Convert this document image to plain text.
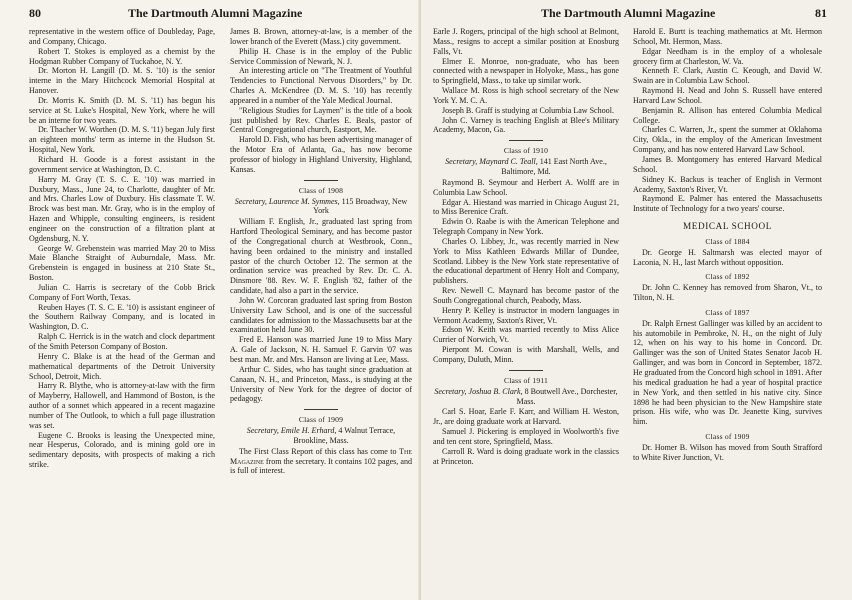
80	The Dartmouth Alumni Magazine

representative in the western office of Doubleday, Page, and Company, Chicago.

Robert T. Stokes is employed as a chemist by the Hodgman Rubber Company of Tuckahoe, N. Y.

Dr. Morton H. Langill (D. M. S. '10) is the senior interne in the Mary Hitchcock Memorial Hospital at Hanover.

Dr. Morris K. Smith (D. M. S. '11) has begun his service at St. Luke's Hospital, New York, where he will be an interne for two years.

Dr. Thacher W. Worthen (D. M. S. '11) began July first an eighteen months' term as interne in the Hudson St. Hospital, New York.

Richard H. Goode is a forest assistant in the government service at Washington, D. C.

Harry M. Gray (T. S. C. E. '10) was married in Duxbury, Mass., June 24, to Charlotte, daughter of Mr. and Mrs. Charles Low of Duxbury. His classmate T. W. Brock was best man. Mr. Gray, who is in the employ of Hazen and Whipple, consulting engineers, is resident engineer on the construction of a filtration plant at Ogdensburg, N. Y.

George W. Grebenstein was married May 20 to Miss Maie Blanche Straight of Auburndale, Mass. Mr. Grebenstein is engaged in business at 210 State St., Boston.

Julian C. Harris is secretary of the Cobb Brick Company of Fort Worth, Texas.

Reuben Hayes (T. S. C. E. '10) is assistant engineer of the Southern Railway Company, and is located in Washington, D. C.

Ralph C. Herrick is in the watch and clock department of the Smith Peterson Company of Boston.

Henry C. Blake is at the head of the German and mathematical departments of the Detroit University School, Detroit, Mich.

Harry R. Blythe, who is attorney-at-law with the firm of Mayberry, Hallowell, and Hammond of Boston, is the author of a sonnet which appeared in a recent magazine number of The Outlook, to which a full page illustration was set.

Eugene C. Brooks is leasing the Unexpected mine, near Hesperus, Colorado, and is mining gold ore in sedimentary deposits, with prospects of making a rich strike.

James B. Brown, attorney-at-law, is a member of the lower branch of the Everett (Mass.) city government.

Philip H. Chase is in the employ of the Public Service Commission of Newark, N. J.

An interesting article on "The Treatment of Youthful Tendencies to Functional Nervous Disorders," by Dr. Charles A. McKendree (D. M. S. '10) has recently appeared in a number of the Yale Medical Journal.

"Religious Studies for Laymen" is the title of a book just published by Rev. Charles E. Beals, pastor of Central Congregational church, Eastport, Me.

Harold D. Fish, who has been advertising manager of the Motor Era of Atlanta, Ga., has now become professor of biology in Highland University, Highland, Kansas.

Class of 1908

Secretary, Laurence M. Symmes, 115 Broadway, New York

William F. English, Jr., graduated last spring from Hartford Theological Seminary, and has become pastor of the Congregational church at Westbrook, Conn., having been ordained to the ministry and installed pastor of the church October 12. The sermon at the ordination service was preached by Rev. Dr. C. A. Dinsmore '88. Rev. W. F. English '82, father of the candidate, had also a part in the service.

John W. Corcoran graduated last spring from Boston University Law School, and is one of the successful candidates for admission to the Massachusetts bar at the examination held June 30.

Fred E. Hanson was married June 19 to Miss Mary A. Gale of Jackson, N. H. Samuel F. Garvin '07 was best man. Mr. and Mrs. Hanson are living at Lee, Mass.

Arthur C. Sides, who has taught since graduation at Canaan, N. H., and Princeton, Mass., is studying at the University of New York for the degree of doctor of pedagogy.

Class of 1909

Secretary, Emile H. Erhard, 4 Walnut Terrace, Brookline, Mass.

The First Class Report of this class has come to The Magazine from the secretary. It contains 102 pages, and is full of interest.

The Dartmouth Alumni Magazine	81

Earle J. Rogers, principal of the high school at Belmont, Mass., resigns to accept a similar position at Enosburg Falls, Vt.

Elmer E. Monroe, non-graduate, who has been connected with a newspaper in Holyoke, Mass., has gone to Springfield, Mass., to take up similar work.

Wallace M. Ross is high school secretary of the New York Y. M. C. A.

Joseph B. Graff is studying at Columbia Law School.

John C. Varney is teaching English at Blee's Military Academy, Macon, Ga.

Class of 1910

Secretary, Maynard C. Teall, 141 East North Ave., Baltimore, Md.

Raymond B. Seymour and Herbert A. Wolff are in Columbia Law School.

Edgar A. Hiestand was married in Chicago August 21, to Miss Berenice Craft.

Edwin O. Raabe is with the American Telephone and Telegraph Company in New York.

Charles O. Libbey, Jr., was recently married in New York to Miss Kathleen Edwards Millar of Dundee, Scotland. Libbey is the New York state representative of the educational department of Henry Holt and Company, publishers.

Rev. Newell C. Maynard has become pastor of the South Congregational church, Peabody, Mass.

Henry P. Kelley is instructor in modern languages in Vermont Academy, Saxton's River, Vt.

Edson W. Keith was married recently to Miss Alice Currier of Norwich, Vt.

Pierpont M. Cowan is with Marshall, Wells, and Company, Duluth, Minn.

Class of 1911

Secretary, Joshua B. Clark, 8 Boutwell Ave., Dorchester, Mass.

Carl S. Hoar, Earle F. Karr, and William H. Weston, Jr., are doing graduate work at Harvard.

Samuel J. Pickering is employed in Woolworth's five and ten cent store, Springfield, Mass.

Carroll R. Ward is doing graduate work in the classics at Princeton.

Harold E. Burtt is teaching mathematics at Mt. Hermon School, Mt. Hermon, Mass.

Edgar Needham is in the employ of a wholesale grocery firm at Charleston, W. Va.

Kenneth F. Clark, Austin C. Keough, and David W. Swain are in Columbia Law School.

Raymond H. Nead and John S. Russell have entered Harvard Law School.

Benjamin R. Allison has entered Columbia Medical College.

Charles C. Warren, Jr., spent the summer at Oklahoma City, Okla., in the employ of the American Investment Company, and has now entered Harvard Law School.

James B. Montgomery has entered Harvard Medical School.

Sidney K. Backus is teacher of English in Vermont Academy, Saxton's River, Vt.

Raymond E. Palmer has entered the Massachusetts Institute of Technology for a two years' course.

MEDICAL SCHOOL

Class of 1884

Dr. George H. Saltmarsh was elected mayor of Laconia, N. H., last March without opposition.

Class of 1892

Dr. John C. Kenney has removed from Sharon, Vt., to Tilton, N. H.

Class of 1897

Dr. Ralph Ernest Gallinger was killed by an accident to his automobile in Pembroke, N. H., on the night of July 12, when on his way to his home in Concord. Dr. Gallinger was the son of United States Senator Jacob H. Gallinger, and was born in Concord in September, 1872. He graduated from the Concord high school in 1891. After his medical graduation he had a year of hospital practice in New York, and then settled in his native city. Since 1898 he had been physician to the New Hampshire state prison. His wife, who was Dr. Jeanette King, survives him.

Class of 1909

Dr. Homer B. Wilson has moved from South Strafford to White River Junction, Vt.
